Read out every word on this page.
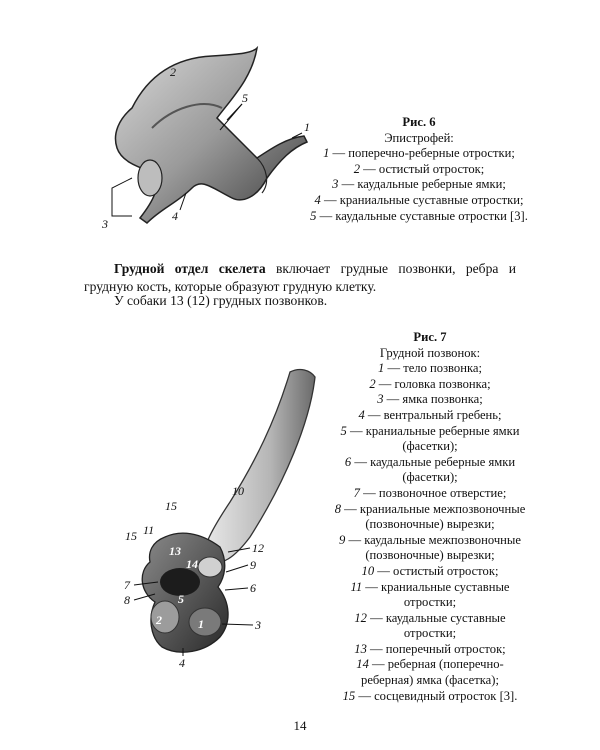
2
5
1
3
4
Рис. 6
Эпистрофей:
1 — поперечно-реберные отростки;
2 — остистый отросток;
3 — каудальные реберные ямки;
4 — краниальные суставные отростки;
5 — каудальные суставные отростки [3].
Грудной отдел скелета включает грудные позвонки, ребра и грудную кость, которые образуют грудную клетку.
У собаки 13 (12) грудных позвонков.
10
15
15 11
13
14
12
9
7
8	5
6
2	1	3
4
Рис. 7
Грудной позвонок:
1 — тело позвонка;
2 — головка позвонка;
3 — ямка позвонка;
4 — вентральный гребень;
5 — краниальные реберные ямки (фасетки);
6 — каудальные реберные ямки (фасетки);
7 — позвоночное отверстие;
8 — краниальные межпозвоночные (позвоночные) вырезки;
9 — каудальные межпозвоночные (позвоночные) вырезки;
10 — остистый отросток;
11 — краниальные суставные отростки;
12 — каудальные суставные отростки;
13 — поперечный отросток;
14 — реберная (поперечно-реберная) ямка (фасетка);
15 — сосцевидный отросток [3].
14
